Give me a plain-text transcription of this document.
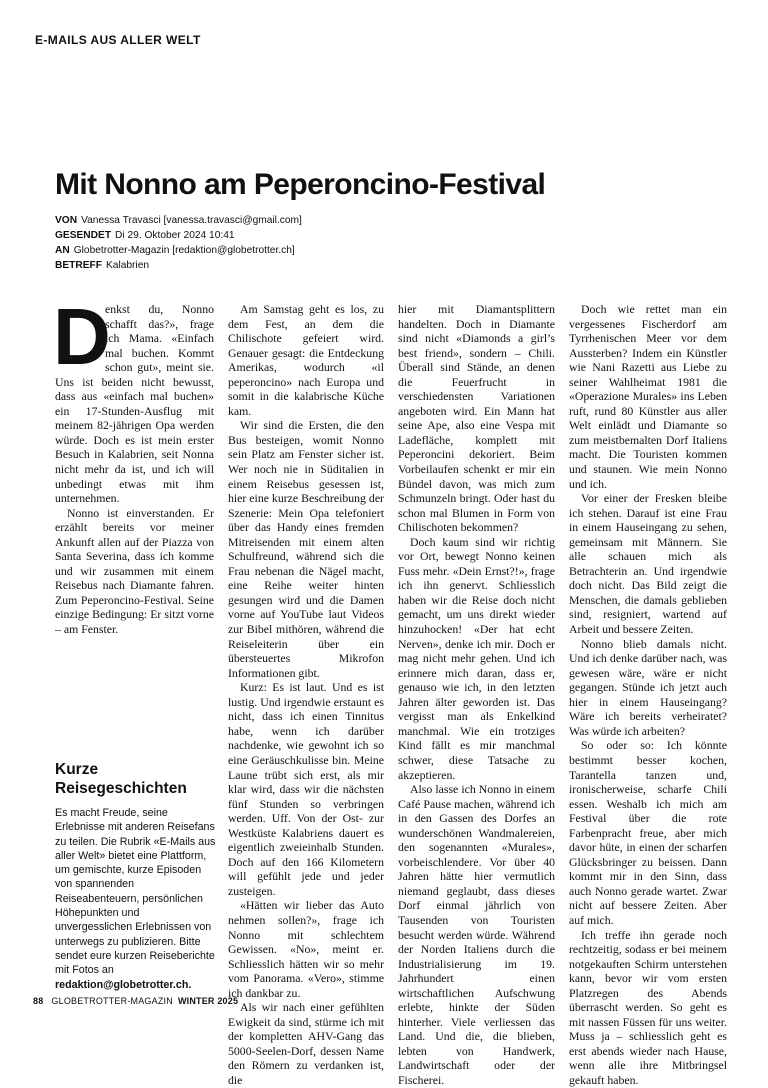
E-MAILS AUS ALLER WELT
Mit Nonno am Peperoncino-Festival
VON Vanessa Travasci [vanessa.travasci@gmail.com]
GESENDET Di 29. Oktober 2024 10:41
AN Globetrotter-Magazin [redaktion@globetrotter.ch]
BETREFF Kalabrien

D
enkst du, Nonno schafft das?», frage ich Mama. «Einfach mal buchen. Kommt schon gut», meint sie. Uns ist beiden nicht bewusst, dass aus «einfach mal buchen» ein 17-Stunden-Ausflug mit meinem 82-jährigen Opa werden würde. Doch es ist mein erster Besuch in Kalabrien, seit Nonna nicht mehr da ist, und ich will unbedingt etwas mit ihm unternehmen.

Nonno ist einverstanden. Er erzählt bereits vor meiner Ankunft allen auf der Piazza von Santa Severina, dass ich komme und wir zusammen mit einem Reisebus nach Diamante fahren. Zum Peperoncino-Festival. Seine einzige Bedingung: Er sitzt vorne – am Fenster.

Am Samstag geht es los, zu dem Fest, an dem die Chilischote gefeiert wird. Genauer gesagt: die Entdeckung Amerikas, wodurch «il peperoncino» nach Europa und somit in die kalabrische Küche kam.

Wir sind die Ersten, die den Bus besteigen, womit Nonno sein Platz am Fenster sicher ist. Wer noch nie in Süditalien in einem Reisebus gesessen ist, hier eine kurze Beschreibung der Szenerie: Mein Opa telefoniert über das Handy eines fremden Mitreisenden mit einem alten Schulfreund, während sich die Frau nebenan die Nägel macht, eine Reihe weiter hinten gesungen wird und die Damen vorne auf YouTube laut Videos zur Bibel mithören, während die Reiseleiterin über ein übersteuertes Mikrofon Informationen gibt.

Kurz: Es ist laut. Und es ist lustig. Und irgendwie erstaunt es nicht, dass ich einen Tinnitus habe, wenn ich darüber nachdenke, wie gewohnt ich so eine Geräuschkulisse bin. Meine Laune trübt sich erst, als mir klar wird, dass wir die nächsten fünf Stunden so verbringen werden. Uff. Von der Ost- zur Westküste Kalabriens dauert es eigentlich zweieinhalb Stunden. Doch auf den 166 Kilometern will gefühlt jede und jeder zusteigen.

«Hätten wir lieber das Auto nehmen sollen?», frage ich Nonno mit schlechtem Gewissen. «No», meint er. Schliesslich hätten wir so mehr vom Panorama. «Vero», stimme ich dankbar zu.

Als wir nach einer gefühlten Ewigkeit da sind, stürme ich mit der kompletten AHV-Gang das 5000-Seelen-Dorf, dessen Name den Römern zu verdanken ist, die

hier mit Diamantsplittern handelten. Doch in Diamante sind nicht «Diamonds a girl’s best friend», sondern – Chili. Überall sind Stände, an denen die Feuerfrucht in verschiedensten Variationen angeboten wird. Ein Mann hat seine Ape, also eine Vespa mit Ladefläche, komplett mit Peperoncini dekoriert. Beim Vorbeilaufen schenkt er mir ein Bündel davon, was mich zum Schmunzeln bringt. Oder hast du schon mal Blumen in Form von Chilischoten bekommen?

Doch kaum sind wir richtig vor Ort, bewegt Nonno keinen Fuss mehr. «Dein Ernst?!», frage ich ihn genervt. Schliesslich haben wir die Reise doch nicht gemacht, um uns direkt wieder hinzuhocken! «Der hat echt Nerven», denke ich mir. Doch er mag nicht mehr gehen. Und ich erinnere mich daran, dass er, genauso wie ich, in den letzten Jahren älter geworden ist. Das vergisst man als Enkelkind manchmal. Wie ein trotziges Kind fällt es mir manchmal schwer, diese Tatsache zu akzeptieren.

Also lasse ich Nonno in einem Café Pause machen, während ich in den Gassen des Dorfes an wunderschönen Wandmalereien, den sogenannten «Murales», vorbeischlendere. Vor über 40 Jahren hätte hier vermutlich niemand geglaubt, dass dieses Dorf einmal jährlich von Tausenden von Touristen besucht werden würde. Während der Norden Italiens durch die Industrialisierung im 19. Jahrhundert einen wirtschaftlichen Aufschwung erlebte, hinkte der Süden hinterher. Viele verliessen das Land. Und die, die blieben, lebten von Handwerk, Landwirtschaft oder der Fischerei.

Doch wie rettet man ein vergessenes Fischerdorf am Tyrrhenischen Meer vor dem Aussterben? Indem ein Künstler wie Nani Razetti aus Liebe zu seiner Wahlheimat 1981 die «Operazione Murales» ins Leben ruft, rund 80 Künstler aus aller Welt einlädt und Diamante so zum meistbemalten Dorf Italiens macht. Die Touristen kommen und staunen. Wie mein Nonno und ich.

Vor einer der Fresken bleibe ich stehen. Darauf ist eine Frau in einem Hauseingang zu sehen, gemeinsam mit Männern. Sie alle schauen mich als Betrachterin an. Und irgendwie doch nicht. Das Bild zeigt die Menschen, die damals geblieben sind, resigniert, wartend auf Arbeit und bessere Zeiten.

Nonno blieb damals nicht. Und ich denke darüber nach, was gewesen wäre, wäre er nicht gegangen. Stünde ich jetzt auch hier in einem Hauseingang? Wäre ich bereits verheiratet? Was würde ich arbeiten?

So oder so: Ich könnte bestimmt besser kochen, Tarantella tanzen und, ironischerweise, scharfe Chili essen. Weshalb ich mich am Festival über die rote Farbenpracht freue, aber mich davor hüte, in einen der scharfen Glücksbringer zu beissen. Dann kommt mir in den Sinn, dass auch Nonno gerade wartet. Zwar nicht auf bessere Zeiten. Aber auf mich.

Ich treffe ihn gerade noch rechtzeitig, sodass er bei meinem notgekauften Schirm unterstehen kann, bevor wir vom ersten Platzregen des Abends überrascht werden. So geht es mit nassen Füssen für uns weiter. Muss ja – schliesslich geht es erst abends wieder nach Hause, wenn alle ihre Mitbringsel gekauft haben.

Kurze Reisegeschichten
Es macht Freude, seine Erlebnisse mit anderen Reisefans zu teilen. Die Rubrik «E-Mails aus aller Welt» bietet eine Plattform, um gemischte, kurze Episoden von spannenden Reiseabenteuern, persönlichen Höhepunkten und unvergesslichen Erlebnissen von unterwegs zu publizieren. Bitte sendet eure kurzen Reiseberichte mit Fotos an redaktion@globetrotter.ch.
88 GLOBETROTTER-MAGAZIN WINTER 2025
